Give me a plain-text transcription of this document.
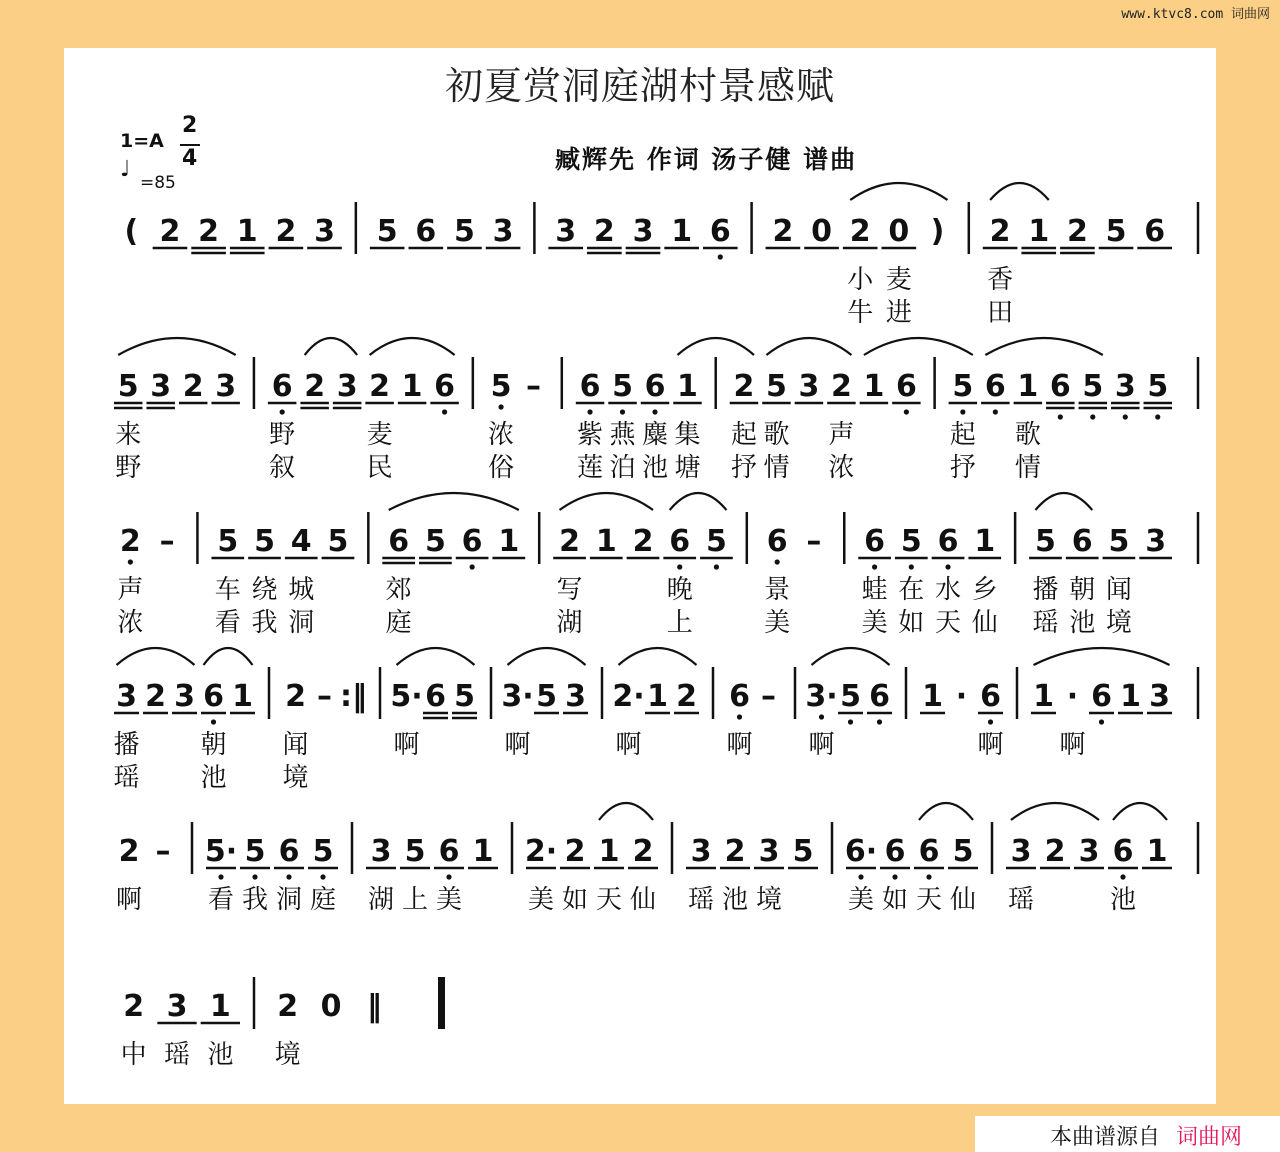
www.ktvc8.com 词曲网
初夏赏洞庭湖村景感赋
1=A
2
4
♩
=85
臧辉先 作词 汤子健 谱曲
( 2 2 1 2 3 5 6 5 3 3 2 3 1 6 2 0 2 0 ) 2 1 2 5 6
小 麦	香
牛 进	田
5 3 2 3 6 2 3 2 1 6 5 – 6 5 6 1 2 5 3 2 1 6 5 6 1 6 5 3 5
来	野	麦	浓 紫 燕 麋 集 起 歌 声	起 歌
野	叙	民	俗 莲 泊 池 塘 抒 情 浓	抒 情
2 – 5 5 4 5 6 5 6 1 2 1 2 6 5 6 – 6 5 6 1 5 6 5 3
声	车 绕 城	郊	写	晚	景	蛙 在 水 乡 播 朝 闻
浓	看 我 洞	庭	湖	上	美	美 如 天 仙 瑶 池 境
3 2 3 6 1 2 – :‖ 5· 6 5 3· 5 3 2· 1 2 6 – 3· 5 6 1 · 6 1 · 6 1 3
播 朝 闻	啊	啊	啊	啊 啊	啊 啊
瑶 池 境
2 – 5· 5 6 5 3 5 6 1 2· 2 1 2 3 2 3 5 6· 6 6 5 3 2 3 6 1
啊	看 我 洞 庭 湖 上 美	美 如 天 仙 瑶 池 境	美 如 天 仙 瑶	池
2 3 1 2 0 ‖
中 瑶 池 境
本曲谱源自 词曲网
